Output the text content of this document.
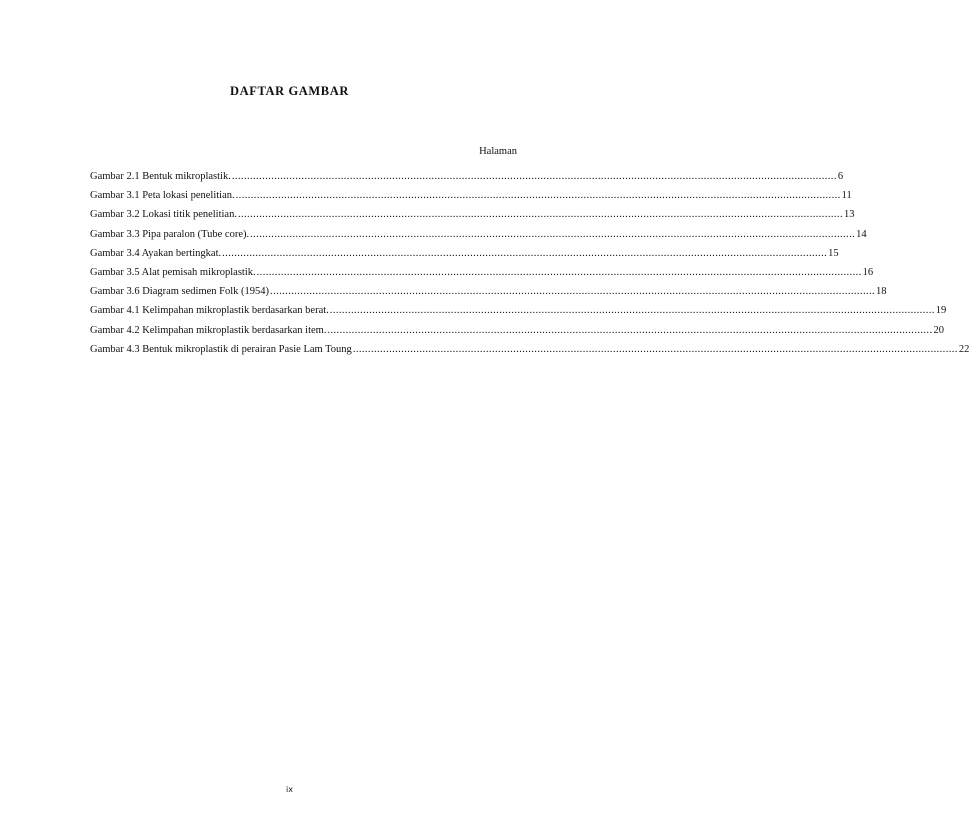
DAFTAR GAMBAR
Halaman
Gambar 2.1 Bentuk mikroplastik. ........................................................................................................................................................................................................ 6
Gambar 3.1 Peta lokasi penelitian. ........................................................................................................................................................................................................ 11
Gambar 3.2 Lokasi titik penelitian. ........................................................................................................................................................................................................ 13
Gambar 3.3 Pipa paralon (Tube core). ........................................................................................................................................................................................................ 14
Gambar 3.4 Ayakan bertingkat. ........................................................................................................................................................................................................ 15
Gambar 3.5 Alat pemisah mikroplastik. ........................................................................................................................................................................................................ 16
Gambar 3.6 Diagram sedimen Folk (1954) ........................................................................................................................................................................................................ 18
Gambar 4.1 Kelimpahan mikroplastik berdasarkan berat. ........................................................................................................................................................................................................ 19
Gambar 4.2 Kelimpahan mikroplastik berdasarkan item. ........................................................................................................................................................................................................ 20
Gambar 4.3 Bentuk mikroplastik di perairan Pasie Lam Toung ........................................................................................................................................................................................................ 22
ix
